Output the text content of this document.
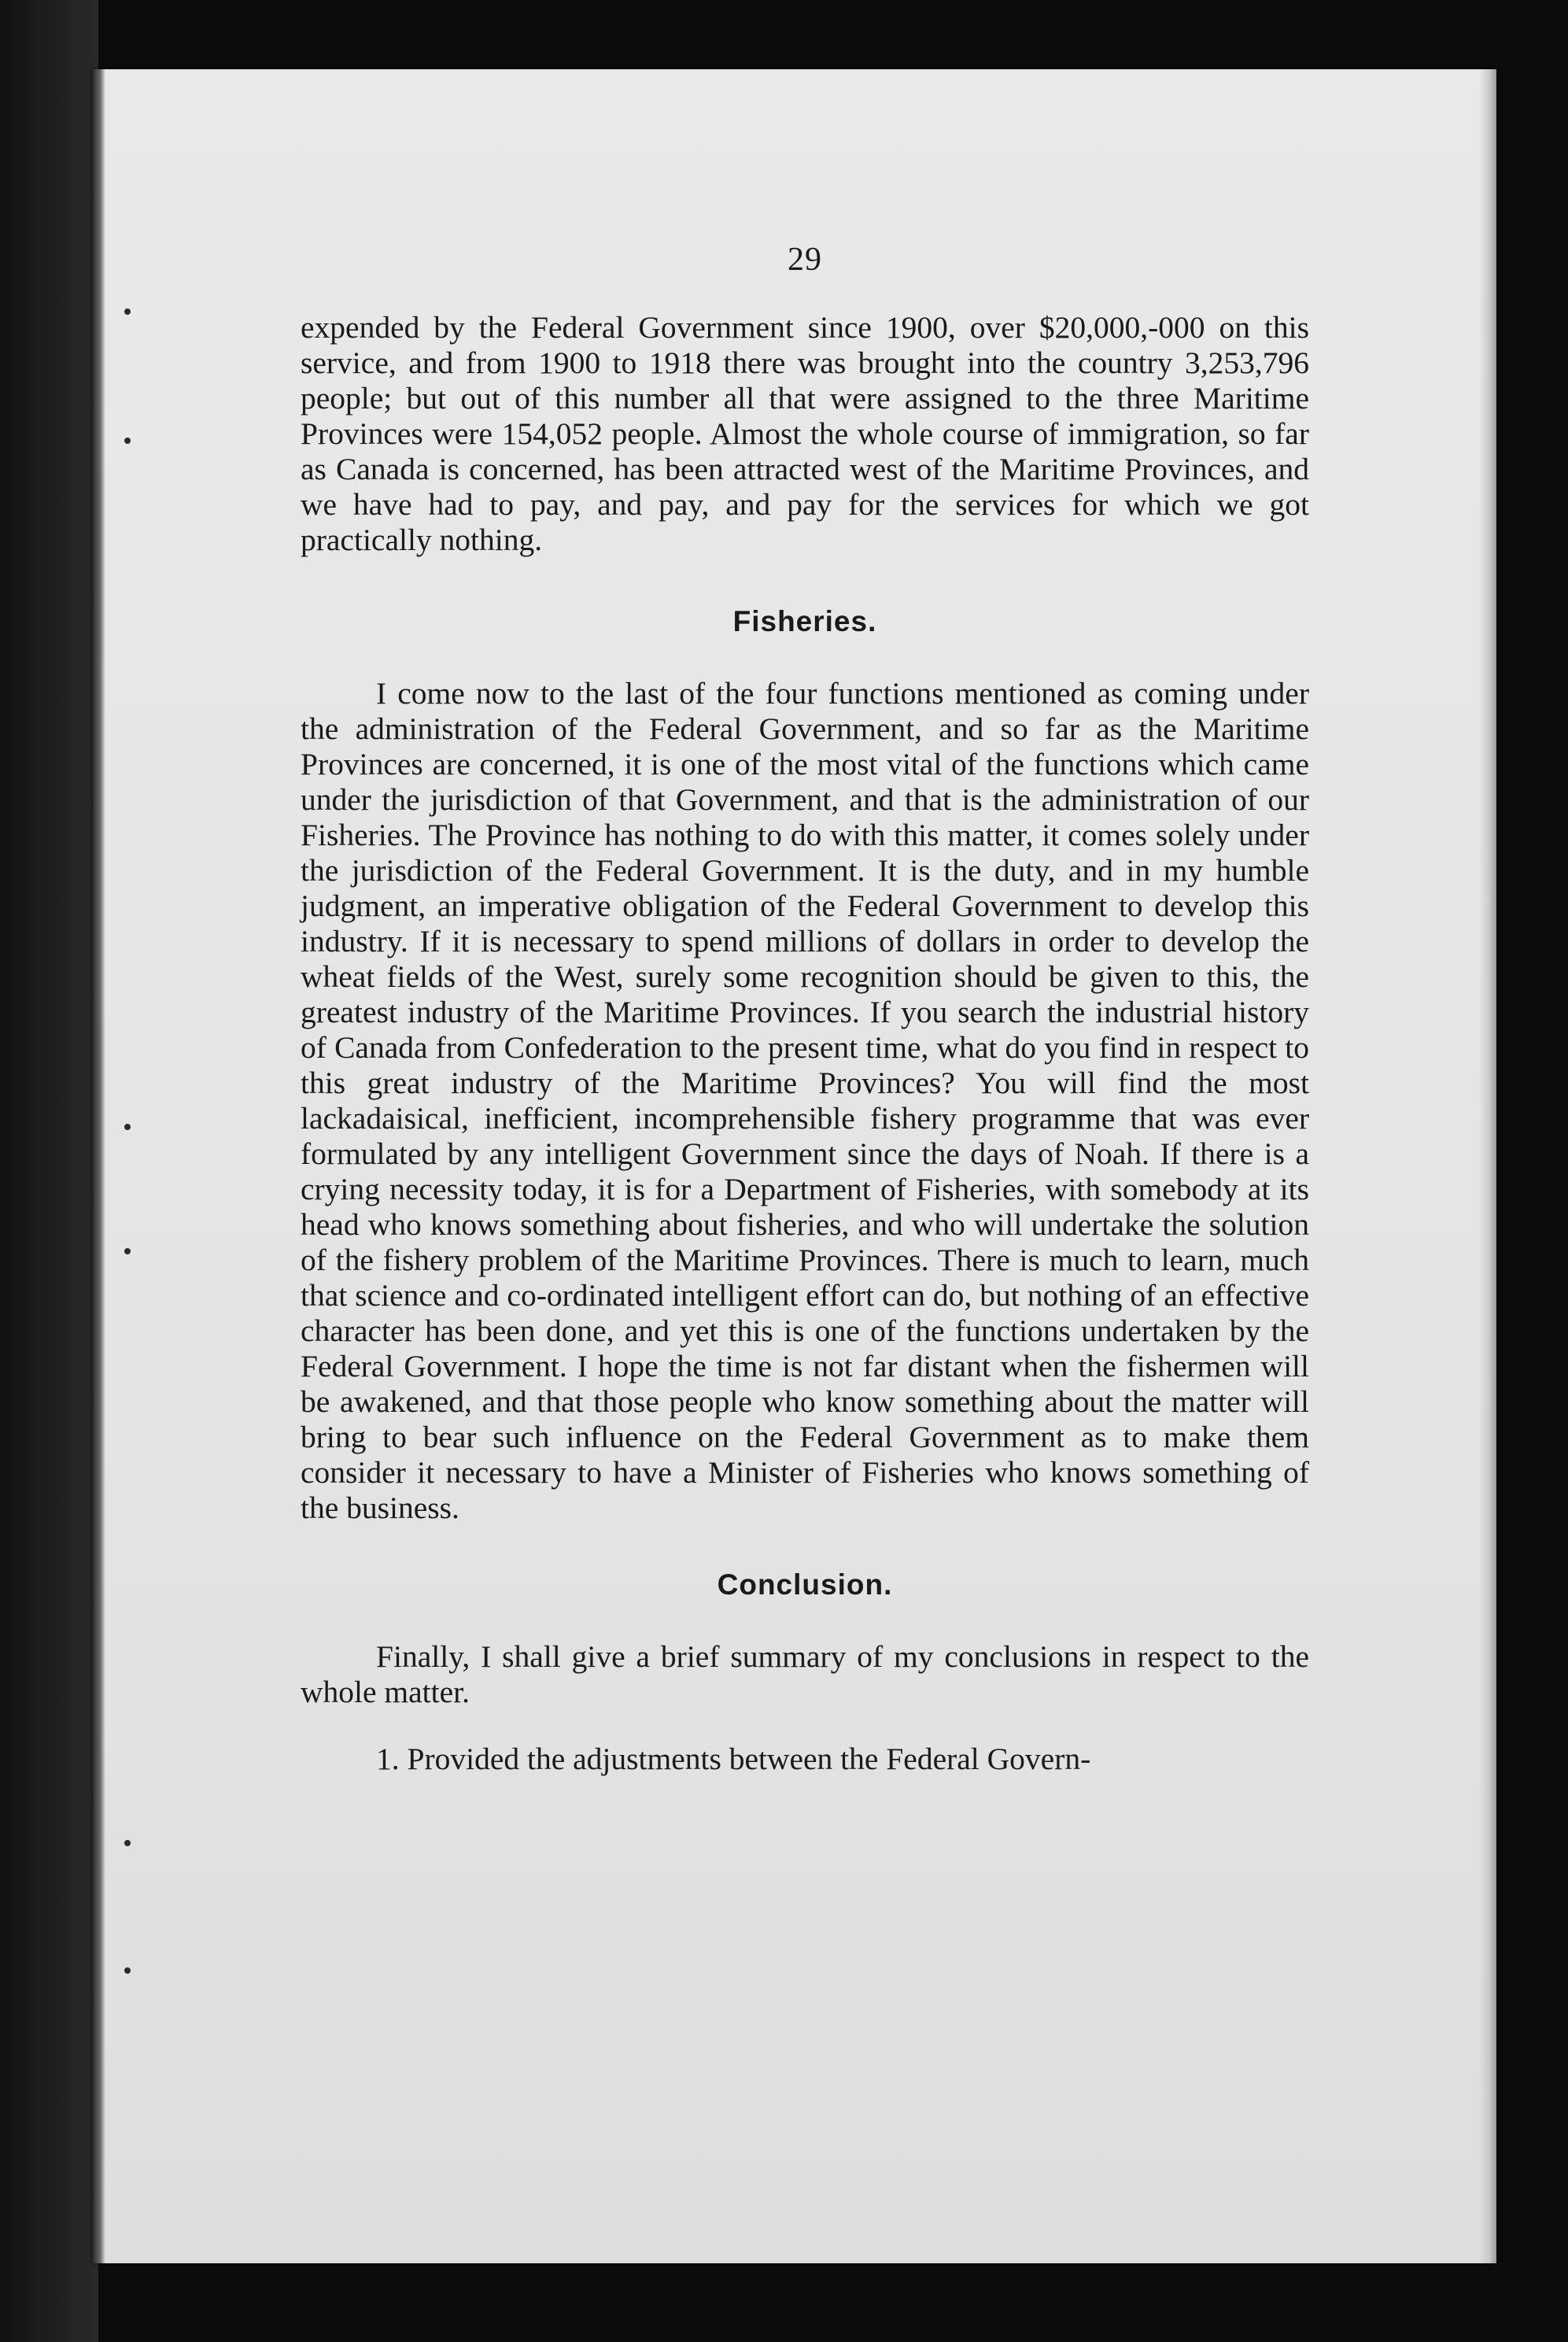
29

expended by the Federal Government since 1900, over $20,000,-000 on this service, and from 1900 to 1918 there was brought into the country 3,253,796 people; but out of this number all that were assigned to the three Maritime Provinces were 154,052 people. Almost the whole course of immigration, so far as Canada is concerned, has been attracted west of the Maritime Provinces, and we have had to pay, and pay, and pay for the services for which we got practically nothing.

Fisheries.

I come now to the last of the four functions mentioned as coming under the administration of the Federal Government, and so far as the Maritime Provinces are concerned, it is one of the most vital of the functions which came under the jurisdiction of that Government, and that is the administration of our Fisheries. The Province has nothing to do with this matter, it comes solely under the jurisdiction of the Federal Government. It is the duty, and in my humble judgment, an imperative obligation of the Federal Government to develop this industry. If it is necessary to spend millions of dollars in order to develop the wheat fields of the West, surely some recognition should be given to this, the greatest industry of the Maritime Provinces. If you search the industrial history of Canada from Confederation to the present time, what do you find in respect to this great industry of the Maritime Provinces? You will find the most lackadaisical, inefficient, incomprehensible fishery programme that was ever formulated by any intelligent Government since the days of Noah. If there is a crying necessity today, it is for a Department of Fisheries, with somebody at its head who knows something about fisheries, and who will undertake the solution of the fishery problem of the Maritime Provinces. There is much to learn, much that science and co-ordinated intelligent effort can do, but nothing of an effective character has been done, and yet this is one of the functions undertaken by the Federal Government. I hope the time is not far distant when the fishermen will be awakened, and that those people who know something about the matter will bring to bear such influence on the Federal Government as to make them consider it necessary to have a Minister of Fisheries who knows something of the business.

Conclusion.

Finally, I shall give a brief summary of my conclusions in respect to the whole matter.

1. Provided the adjustments between the Federal Govern-
